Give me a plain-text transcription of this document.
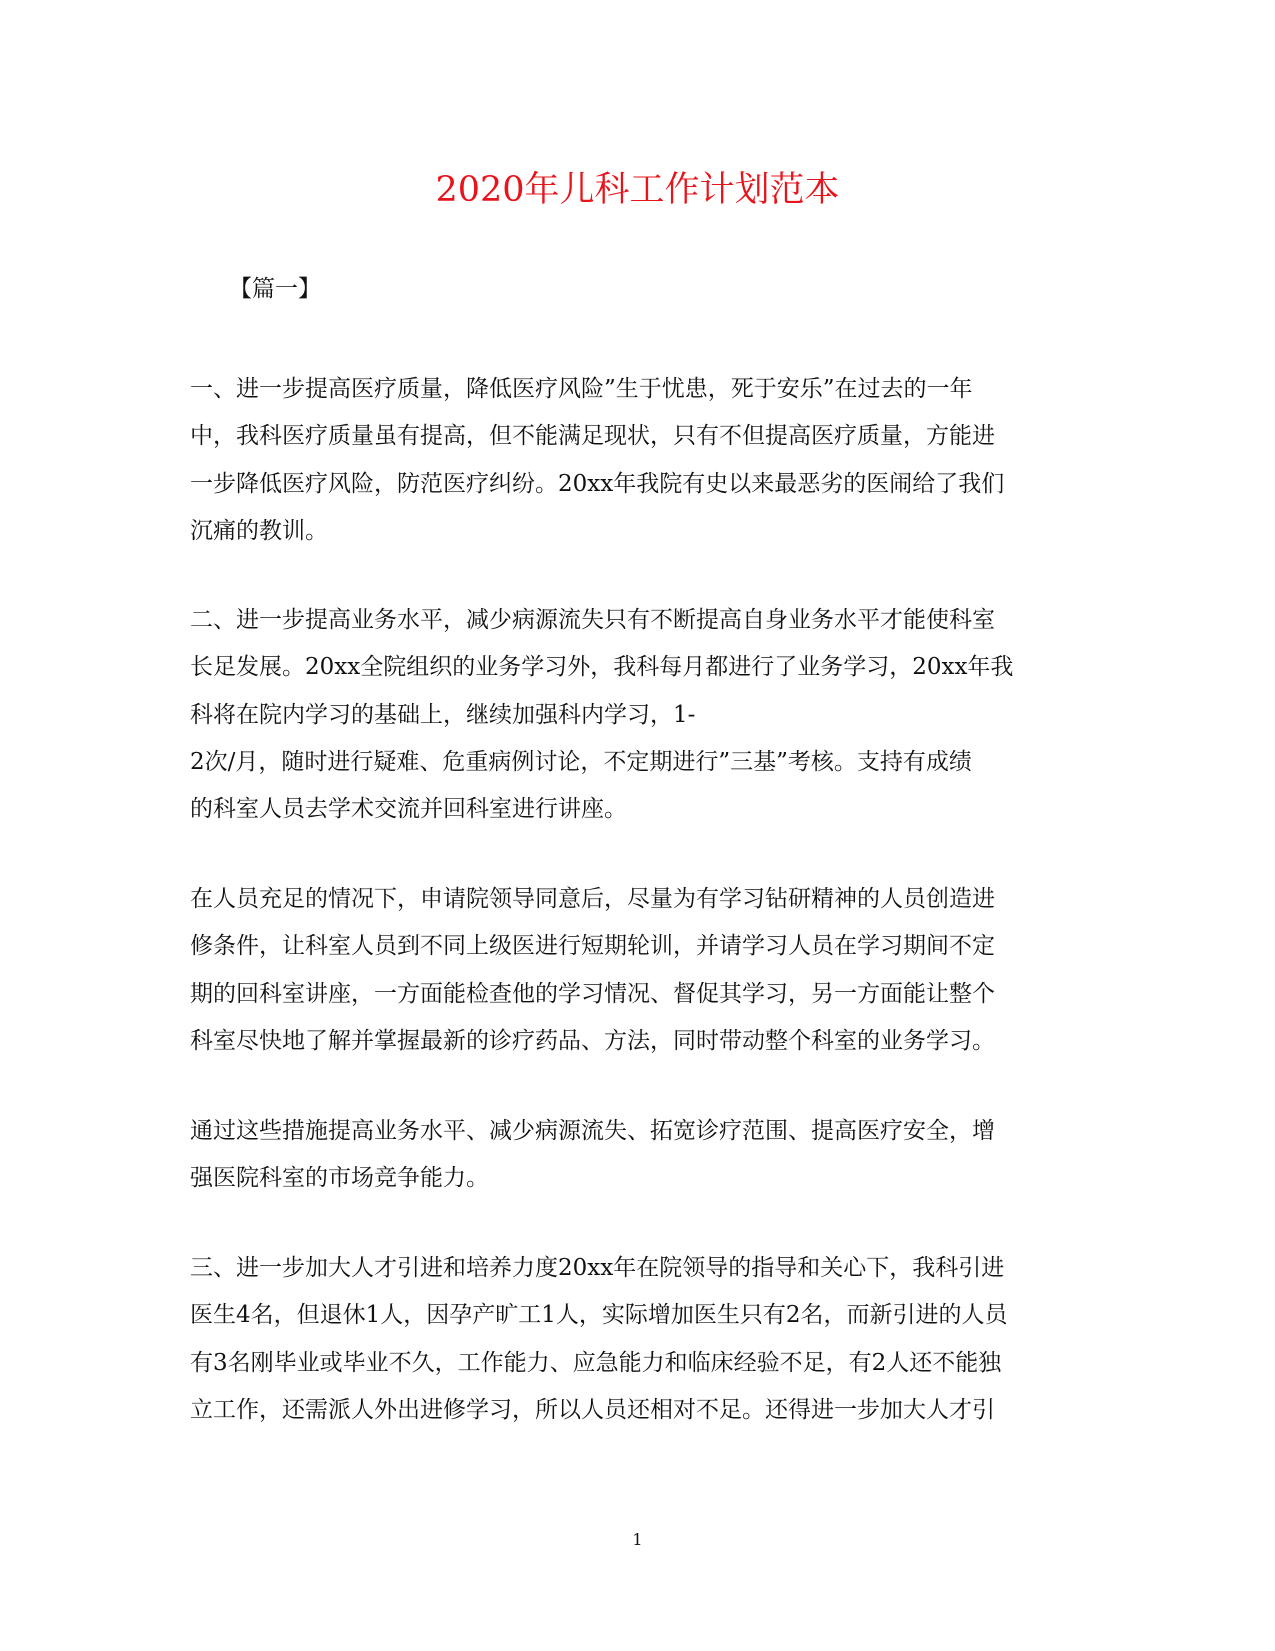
2020年儿科工作计划范本
【篇一】
一、进一步提高医疗质量，降低医疗风险”生于忧患，死于安乐”在过去的一年
中，我科医疗质量虽有提高，但不能满足现状，只有不但提高医疗质量，方能进
一步降低医疗风险，防范医疗纠纷。20xx年我院有史以来最恶劣的医闹给了我们
沉痛的教训。
二、进一步提高业务水平，减少病源流失只有不断提高自身业务水平才能使科室
长足发展。20xx全院组织的业务学习外，我科每月都进行了业务学习，20xx年我
科将在院内学习的基础上，继续加强科内学习，1-
2次/月，随时进行疑难、危重病例讨论，不定期进行”三基”考核。支持有成绩
的科室人员去学术交流并回科室进行讲座。
在人员充足的情况下，申请院领导同意后，尽量为有学习钻研精神的人员创造进
修条件，让科室人员到不同上级医进行短期轮训，并请学习人员在学习期间不定
期的回科室讲座，一方面能检查他的学习情况、督促其学习，另一方面能让整个
科室尽快地了解并掌握最新的诊疗药品、方法，同时带动整个科室的业务学习。
通过这些措施提高业务水平、减少病源流失、拓宽诊疗范围、提高医疗安全，增
强医院科室的市场竞争能力。
三、进一步加大人才引进和培养力度20xx年在院领导的指导和关心下，我科引进
医生4名，但退休1人，因孕产旷工1人，实际增加医生只有2名，而新引进的人员
有3名刚毕业或毕业不久，工作能力、应急能力和临床经验不足，有2人还不能独
立工作，还需派人外出进修学习，所以人员还相对不足。还得进一步加大人才引
1
